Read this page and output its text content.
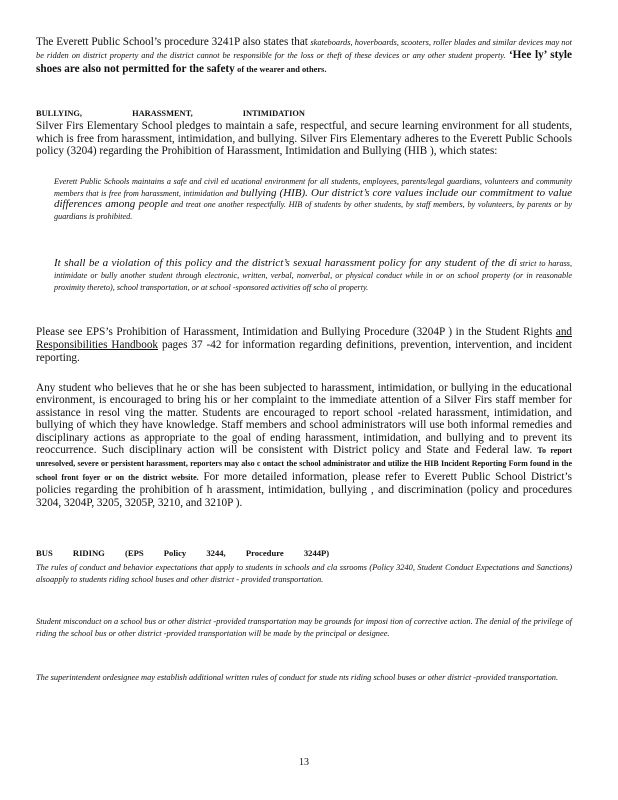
The Everett Public School’s procedure 3241P also states that skateboards, hoverboards, scooters, roller blades and similar devices may not be ridden on district property and the district cannot be responsible for the loss or theft of these devices or any other student property. ‘Hee ly’ style shoes are also not permitted for the safety of the wearer and others.

BULLYING, HARASSMENT, INTIMIDATION

Silver Firs Elementary School pledges to maintain a safe, respectful, and secure learning environment for all students, which is free from harassment, intimidation, and bullying. Silver Firs Elementary adheres to the Everett Public Schools policy (3204) regarding the Prohibition of Harassment, Intimidation and Bullying (HIB ), which states:

Everett Public Schools maintains a safe and civil ed ucational environment for all students, employees, parents/legal guardians, volunteers and community members that is free from harassment, intimidation and bullying (HIB). Our district’s core values include our commitment to value differences among people and treat one another respectfully. HIB of students by other students, by staff members, by volunteers, by parents or by guardians is prohibited.

It shall be a violation of this policy and the district’s sexual harassment policy for any student of the di strict to harass, intimidate or bully another student through electronic, written, verbal, nonverbal, or physical conduct while in or on school property (or in reasonable proximity thereto), school transportation, or at school -sponsored activities off scho ol property.

Please see EPS’s Prohibition of Harassment, Intimidation and Bullying Procedure (3204P ) in the Student Rights and Responsibilities Handbook pages 37 -42 for information regarding definitions, prevention, intervention, and incident reporting.

Any student who believes that he or she has been subjected to harassment, intimidation, or bullying in the educational environment, is encouraged to bring his or her complaint to the immediate attention of a Silver Firs staff member for assistance in resol ving the matter. Students are encouraged to report school -related harassment, intimidation, and bullying of which they have knowledge. Staff members and school administrators will use both informal remedies and disciplinary actions as appropriate to the goal of ending harassment, intimidation, and bullying and to prevent its reoccurrence. Such disciplinary action will be consistent with District policy and State and Federal law. To report unresolved, severe or persistent harassment, reporters may also c ontact the school administrator and utilize the HIB Incident Reporting Form found in the school front foyer or on the district website. For more detailed information, please refer to Everett Public School District’s policies regarding the prohibition of h arassment, intimidation, bullying , and discrimination (policy and procedures 3204, 3204P, 3205, 3205P, 3210, and 3210P ).

BUS RIDING (EPS Policy 3244, Procedure 3244P)

The rules of conduct and behavior expectations that apply to students in schools and cla ssrooms (Policy 3240, Student Conduct Expectations and Sanctions) alsoapply to students riding school buses and other district - provided transportation.

Student misconduct on a school bus or other district -provided transportation may be grounds for imposi tion of corrective action. The denial of the privilege of riding the school bus or other district -provided transportation will be made by the principal or designee.

The superintendent ordesignee may establish additional written rules of conduct for stude nts riding school buses or other district -provided transportation.

13
